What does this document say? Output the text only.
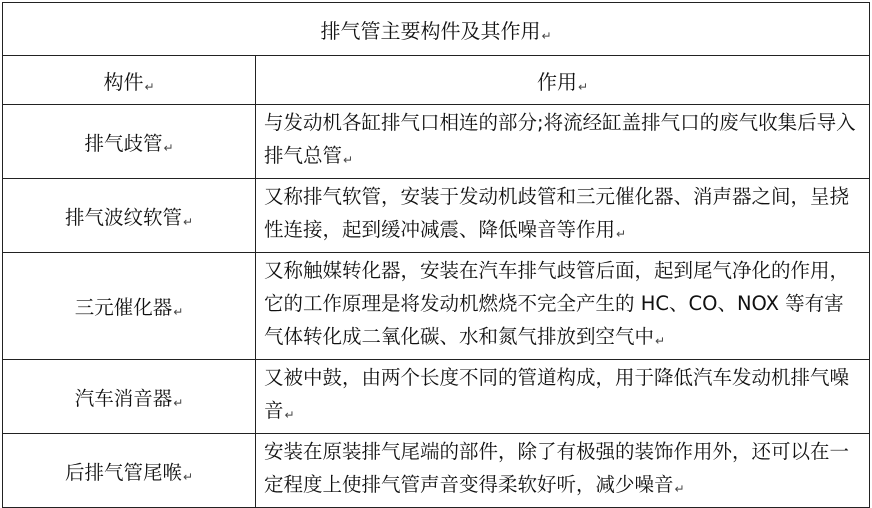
排气管主要构件及其作用↵	
构件↵	作用↵
排气歧管↵	与发动机各缸排气口相连的部分;将流经缸盖排气口的废气收集后导入排气总管↵
排气波纹软管↵	又称排气软管，安装于发动机歧管和三元催化器、消声器之间，呈挠性连接，起到缓冲减震、降低噪音等作用↵
三元催化器↵	又称触媒转化器，安装在汽车排气歧管后面，起到尾气净化的作用，它的工作原理是将发动机燃烧不完全产生的 HC、CO、NOX 等有害气体转化成二氧化碳、水和氮气排放到空气中↵
汽车消音器↵	又被中鼓，由两个长度不同的管道构成，用于降低汽车发动机排气噪音↵
后排气管尾喉↵	安装在原装排气尾端的部件，除了有极强的装饰作用外，还可以在一定程度上使排气管声音变得柔软好听，减少噪音↵
